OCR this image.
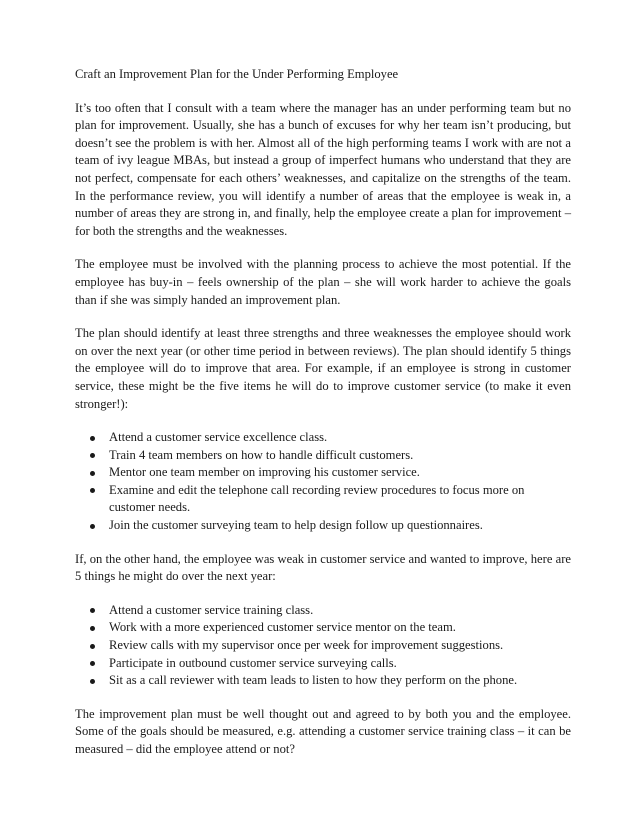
Craft an Improvement Plan for the Under Performing Employee

It’s too often that I consult with a team where the manager has an under performing team but no plan for improvement. Usually, she has a bunch of excuses for why her team isn’t producing, but doesn’t see the problem is with her. Almost all of the high performing teams I work with are not a team of ivy league MBAs, but instead a group of imperfect humans who understand that they are not perfect, compensate for each others’ weaknesses, and capitalize on the strengths of the team. In the performance review, you will identify a number of areas that the employee is weak in, a number of areas they are strong in, and finally, help the employee create a plan for improvement – for both the strengths and the weaknesses.

The employee must be involved with the planning process to achieve the most potential. If the employee has buy-in – feels ownership of the plan – she will work harder to achieve the goals than if she was simply handed an improvement plan.

The plan should identify at least three strengths and three weaknesses the employee should work on over the next year (or other time period in between reviews). The plan should identify 5 things the employee will do to improve that area. For example, if an employee is strong in customer service, these might be the five items he will do to improve customer service (to make it even stronger!):

Attend a customer service excellence class.
Train 4 team members on how to handle difficult customers.
Mentor one team member on improving his customer service.
Examine and edit the telephone call recording review procedures to focus more on customer needs.
Join the customer surveying team to help design follow up questionnaires.

If, on the other hand, the employee was weak in customer service and wanted to improve, here are 5 things he might do over the next year:

Attend a customer service training class.
Work with a more experienced customer service mentor on the team.
Review calls with my supervisor once per week for improvement suggestions.
Participate in outbound customer service surveying calls.
Sit as a call reviewer with team leads to listen to how they perform on the phone.

The improvement plan must be well thought out and agreed to by both you and the employee. Some of the goals should be measured, e.g. attending a customer service training class – it can be measured – did the employee attend or not?
